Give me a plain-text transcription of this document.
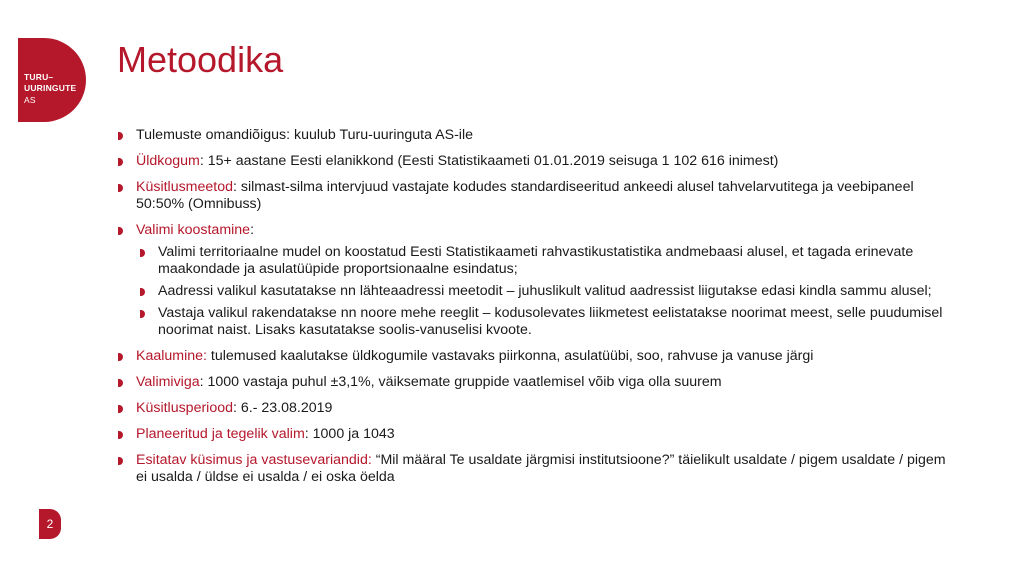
TURU–
UURINGUTE
AS
Metoodika
Tulemuste omandiõigus: kuulub Turu-uuringuta AS-ile
Üldkogum: 15+ aastane Eesti elanikkond (Eesti Statistikaameti 01.01.2019 seisuga 1 102 616 inimest)
Küsitlusmeetod: silmast-silma intervjuud vastajate kodudes standardiseeritud ankeedi alusel tahvelarvutitega ja veebipaneel 50:50% (Omnibuss)
Valimi koostamine:
Valimi territoriaalne mudel on koostatud Eesti Statistikaameti rahvastikustatistika andmebaasi alusel, et tagada erinevate maakondade ja asulatüüpide proportsionaalne esindatus;
Aadressi valikul kasutatakse nn lähteaadressi meetodit – juhuslikult valitud aadressist liigutakse edasi kindla sammu alusel;
Vastaja valikul rakendatakse nn noore mehe reeglit – kodusolevates liikmetest eelistatakse noorimat meest, selle puudumisel noorimat naist. Lisaks kasutatakse soolis-vanuselisi kvoote.
Kaalumine: tulemused kaalutakse üldkogumile vastavaks piirkonna, asulatüübi, soo, rahvuse ja vanuse järgi
Valimiviga: 1000 vastaja puhul ±3,1%, väiksemate gruppide vaatlemisel võib viga olla suurem
Küsitlusperiood: 6.- 23.08.2019
Planeeritud ja tegelik valim: 1000 ja 1043
Esitatav küsimus ja vastusevariandid: “Mil määral Te usaldate järgmisi institutsioone?” täielikult usaldate / pigem usaldate / pigem ei usalda / üldse ei usalda / ei oska öelda
2
